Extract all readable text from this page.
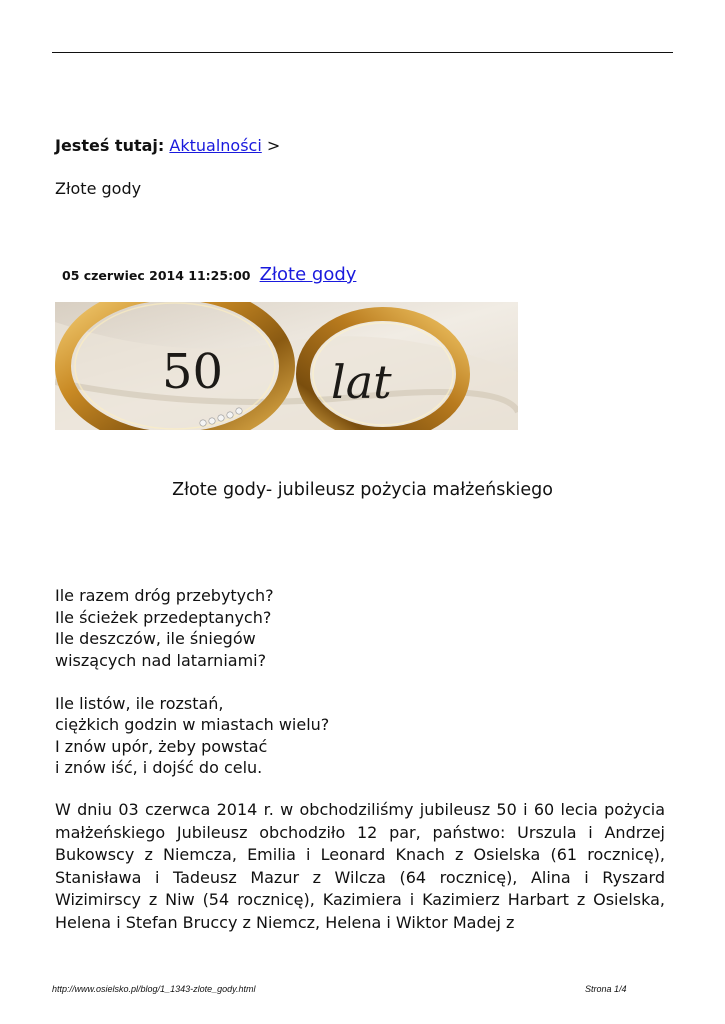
Jesteś tutaj: Aktualności >
Złote gody
05 czerwiec 2014 11:25:00 Złote gody
50 lat
Złote gody- jubileusz pożycia małżeńskiego

Ile razem dróg przebytych?
Ile ścieżek przedeptanych?
Ile deszczów, ile śniegów
wiszących nad latarniami?

Ile listów, ile rozstań,
ciężkich godzin w miastach wielu?
I znów upór, żeby powstać
i znów iść, i dojść do celu.

W dniu 03 czerwca 2014 r. w obchodziliśmy jubileusz 50 i 60 lecia pożycia małżeńskiego Jubileusz obchodziło 12 par, państwo: Urszula i Andrzej Bukowscy z Niemcza, Emilia i Leonard Knach z Osielska (61 rocznicę), Stanisława i Tadeusz Mazur z Wilcza (64 rocznicę), Alina i Ryszard Wizimirscy z Niw (54 rocznicę), Kazimiera i Kazimierz Harbart z Osielska, Helena i Stefan Bruccy z Niemcz, Helena i Wiktor Madej z

http://www.osielsko.pl/blog/1_1343-zlote_gody.html	Strona 1/4
